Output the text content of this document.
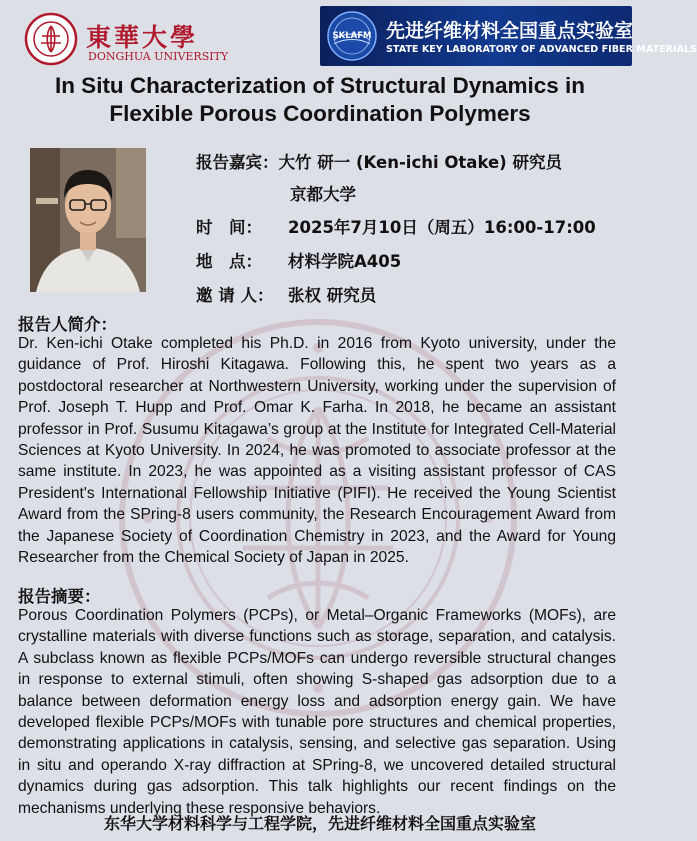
東華大學
DONGHUA UNIVERSITY
SKLAFM 先进纤维材料全国重点实验室
STATE KEY LABORATORY OF ADVANCED FIBER MATERIALS
In Situ Characterization of Structural Dynamics in Flexible Porous Coordination Polymers
报告嘉宾：大竹 研一 (Ken-ichi Otake) 研究员
京都大学
时　间： 2025年7月10日（周五）16:00-17:00
地　点： 材料学院A405
邀 请 人： 张权 研究员
报告人简介：
Dr. Ken-ichi Otake completed his Ph.D. in 2016 from Kyoto university, under the guidance of Prof. Hiroshi Kitagawa. Following this, he spent two years as a postdoctoral researcher at Northwestern University, working under the supervision of Prof. Joseph T. Hupp and Prof. Omar K. Farha. In 2018, he became an assistant professor in Prof. Susumu Kitagawa’s group at the Institute for Integrated Cell-Material Sciences at Kyoto University. In 2024, he was promoted to associate professor at the same institute. In 2023, he was appointed as a visiting assistant professor of CAS President's International Fellowship Initiative (PIFI). He received the Young Scientist Award from the SPring-8 users community, the Research Encouragement Award from the Japanese Society of Coordination Chemistry in 2023, and the Award for Young Researcher from the Chemical Society of Japan in 2025.
报告摘要：
Porous Coordination Polymers (PCPs), or Metal–Organic Frameworks (MOFs), are crystalline materials with diverse functions such as storage, separation, and catalysis. A subclass known as flexible PCPs/MOFs can undergo reversible structural changes in response to external stimuli, often showing S-shaped gas adsorption due to a balance between deformation energy loss and adsorption energy gain. We have developed flexible PCPs/MOFs with tunable pore structures and chemical properties, demonstrating applications in catalysis, sensing, and selective gas separation. Using in situ and operando X-ray diffraction at SPring-8, we uncovered detailed structural dynamics during gas adsorption. This talk highlights our recent findings on the mechanisms underlying these responsive behaviors.
东华大学材料科学与工程学院，先进纤维材料全国重点实验室
